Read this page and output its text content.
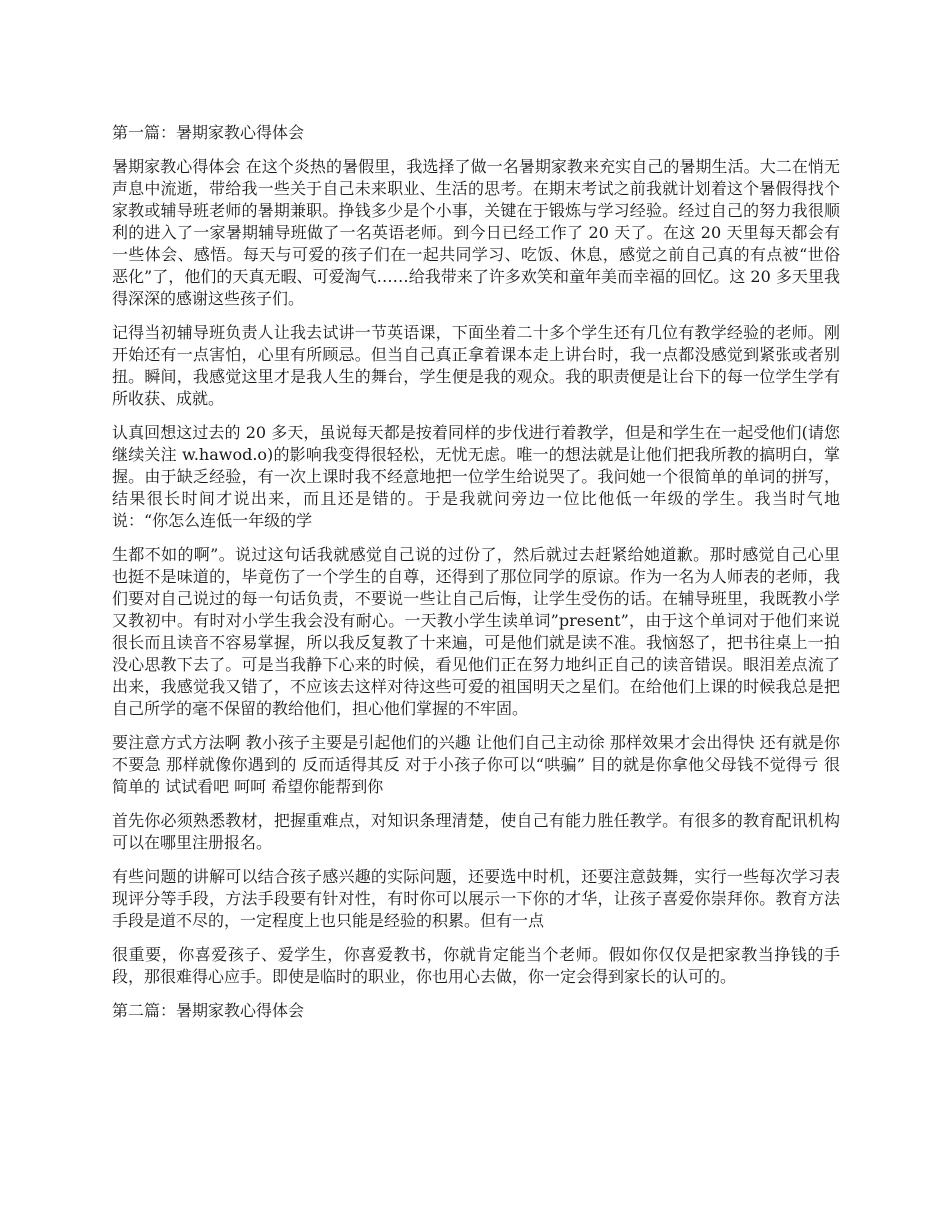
第一篇：暑期家教心得体会

暑期家教心得体会 在这个炎热的暑假里，我选择了做一名暑期家教来充实自己的暑期生活。大二在悄无声息中流逝，带给我一些关于自己未来职业、生活的思考。在期末考试之前我就计划着这个暑假得找个家教或辅导班老师的暑期兼职。挣钱多少是个小事，关键在于锻炼与学习经验。经过自己的努力我很顺利的进入了一家暑期辅导班做了一名英语老师。到今日已经工作了 20 天了。在这 20 天里每天都会有一些体会、感悟。每天与可爱的孩子们在一起共同学习、吃饭、休息，感觉之前自己真的有点被“世俗恶化”了，他们的天真无暇、可爱淘气……给我带来了许多欢笑和童年美而幸福的回忆。这 20 多天里我得深深的感谢这些孩子们。

记得当初辅导班负责人让我去试讲一节英语课，下面坐着二十多个学生还有几位有教学经验的老师。刚开始还有一点害怕，心里有所顾忌。但当自己真正拿着课本走上讲台时，我一点都没感觉到紧张或者别扭。瞬间，我感觉这里才是我人生的舞台，学生便是我的观众。我的职责便是让台下的每一位学生学有所收获、成就。

认真回想这过去的 20 多天，虽说每天都是按着同样的步伐进行着教学，但是和学生在一起受他们(请您继续关注 w.hawod.o)的影响我变得很轻松，无忧无虑。唯一的想法就是让他们把我所教的搞明白，掌握。由于缺乏经验，有一次上课时我不经意地把一位学生给说哭了。我问她一个很简单的单词的拼写，结果很长时间才说出来，而且还是错的。于是我就问旁边一位比他低一年级的学生。我当时气地说：“你怎么连低一年级的学

生都不如的啊”。说过这句话我就感觉自己说的过份了，然后就过去赶紧给她道歉。那时感觉自己心里也挺不是味道的，毕竟伤了一个学生的自尊，还得到了那位同学的原谅。作为一名为人师表的老师，我们要对自己说过的每一句话负责，不要说一些让自己后悔，让学生受伤的话。在辅导班里，我既教小学又教初中。有时对小学生我会没有耐心。一天教小学生读单词”present”，由于这个单词对于他们来说很长而且读音不容易掌握，所以我反复教了十来遍，可是他们就是读不准。我恼怒了，把书往桌上一拍没心思教下去了。可是当我静下心来的时候，看见他们正在努力地纠正自己的读音错误。眼泪差点流了出来，我感觉我又错了，不应该去这样对待这些可爱的祖国明天之星们。在给他们上课的时候我总是把自己所学的毫不保留的教给他们，担心他们掌握的不牢固。

要注意方式方法啊 教小孩子主要是引起他们的兴趣 让他们自己主动徐 那样效果才会出得快 还有就是你不要急 那样就像你遇到的 反而适得其反 对于小孩子你可以“哄骗” 目的就是你拿他父母钱不觉得亏 很简单的 试试看吧 呵呵 希望你能帮到你

首先你必须熟悉教材，把握重难点，对知识条理清楚，使自己有能力胜任教学。有很多的教育配讯机构可以在哪里注册报名。

有些问题的讲解可以结合孩子感兴趣的实际问题，还要选中时机，还要注意鼓舞，实行一些每次学习表现评分等手段，方法手段要有针对性，有时你可以展示一下你的才华，让孩子喜爱你崇拜你。教育方法手段是道不尽的，一定程度上也只能是经验的积累。但有一点

很重要，你喜爱孩子、爱学生，你喜爱教书，你就肯定能当个老师。假如你仅仅是把家教当挣钱的手段，那很难得心应手。即使是临时的职业，你也用心去做，你一定会得到家长的认可的。

第二篇：暑期家教心得体会
